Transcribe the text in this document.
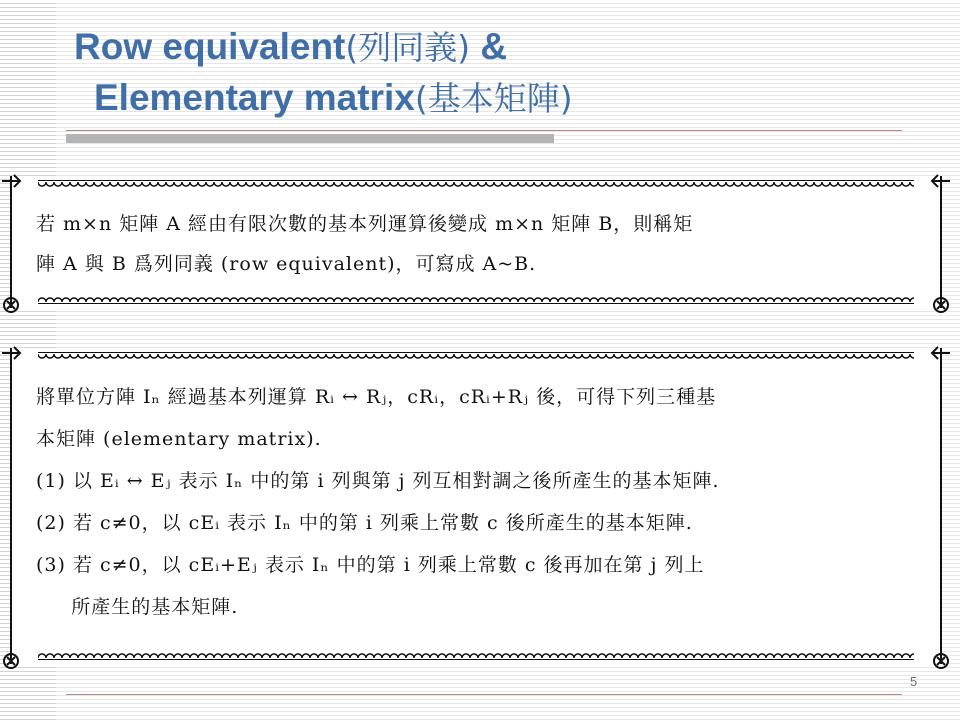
Row equivalent(列同義) &
Elementary matrix(基本矩陣)

若 m×n 矩陣 A 經由有限次數的基本列運算後變成 m×n 矩陣 B，則稱矩

陣 A 與 B 爲列同義 (row equivalent)，可寫成 A~B.

將單位方陣 Iₙ 經過基本列運算 Rᵢ ↔ Rⱼ，cRᵢ，cRᵢ+Rⱼ 後，可得下列三種基

本矩陣 (elementary matrix).

(1) 以 Eᵢ ↔ Eⱼ 表示 Iₙ 中的第 i 列與第 j 列互相對調之後所產生的基本矩陣.

(2) 若 c≠0，以 cEᵢ 表示 Iₙ 中的第 i 列乘上常數 c 後所產生的基本矩陣.

(3) 若 c≠0，以 cEᵢ+Eⱼ 表示 Iₙ 中的第 i 列乘上常數 c 後再加在第 j 列上

所產生的基本矩陣.

5
